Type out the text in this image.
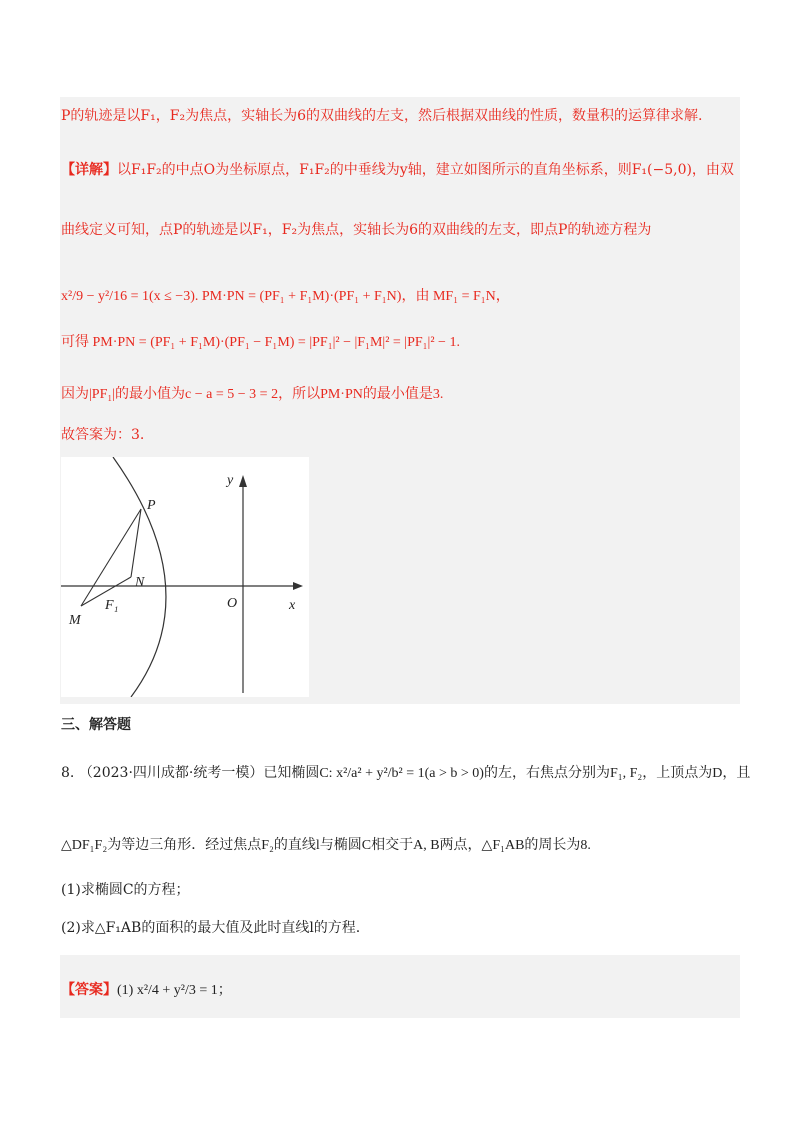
P的轨迹是以F₁，F₂为焦点，实轴长为6的双曲线的左支，然后根据双曲线的性质，数量积的运算律求解.
【详解】以F₁F₂的中点O为坐标原点，F₁F₂的中垂线为y轴，建立如图所示的直角坐标系，则F₁(−5,0)，由双
曲线定义可知，点P的轨迹是以F₁，F₂为焦点，实轴长为6的双曲线的左支，即点P的轨迹方程为
x²/9 − y²/16 = 1(x ≤ −3). PM·PN = (PF₁ + F₁M)·(PF₁ + F₁N)，由 MF₁ = F₁N，
可得 PM·PN = (PF₁ + F₁M)·(PF₁ − F₁M) = |PF₁|² − |F₁M|² = |PF₁|² − 1.
因为|PF₁|的最小值为c − a = 5 − 3 = 2，所以PM·PN的最小值是3.
故答案为：3.
P
N
M
F₁	O	x
y
三、解答题
8. （2023·四川成都·统考一模）已知椭圆C: x²/a² + y²/b² = 1(a > b > 0)的左，右焦点分别为F₁, F₂，上顶点为D，且
△DF₁F₂为等边三角形．经过焦点F₂的直线l与椭圆C相交于A, B两点，△F₁AB的周长为8.
(1)求椭圆C的方程；
(2)求△F₁AB的面积的最大值及此时直线l的方程.
【答案】(1) x²/4 + y²/3 = 1；
